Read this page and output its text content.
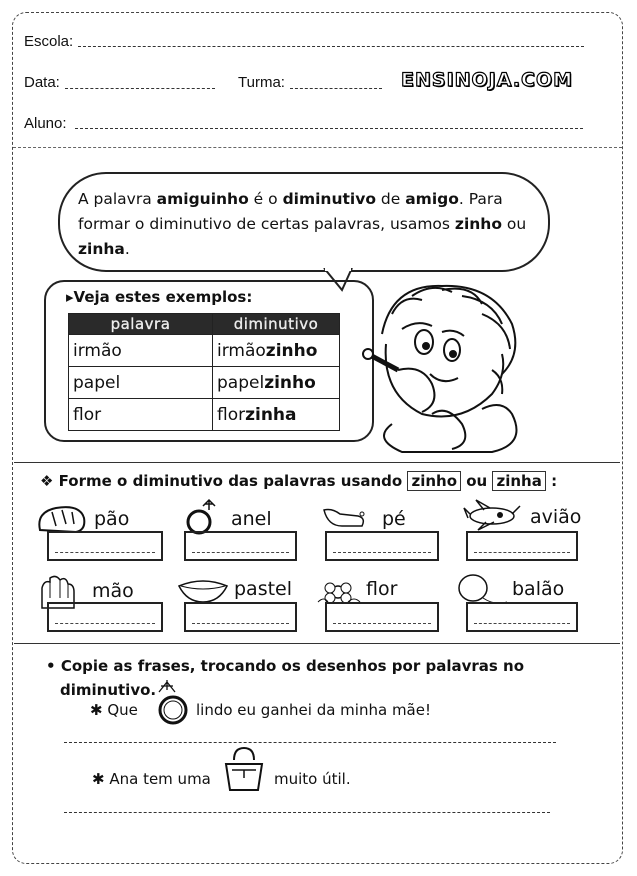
Escola:
Data:	Turma:	ENSINOJA.COM
Aluno:
A palavra amiguinho é o diminutivo de amigo. Para formar o diminutivo de certas palavras, usamos zinho ou zinha.
▸Veja estes exemplos:
palavra	diminutivo
irmão	irmãozinho
papel	papelzinho
flor	florzinha
❖ Forme o diminutivo das palavras usando zinho ou zinha :
pão	anel	pé	avião
mão	pastel	flor	balão
• Copie as frases, trocando os desenhos por palavras no
diminutivo.
✱ Que	lindo eu ganhei da minha mãe!
✱ Ana tem uma	muito útil.
